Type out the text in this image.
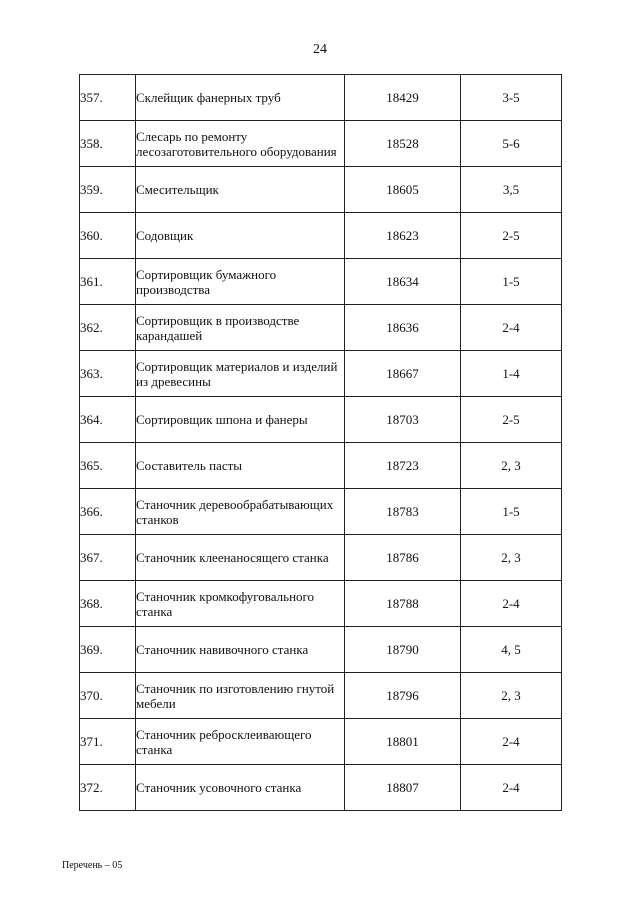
24
357.	Склейщик фанерных труб	18429	3-5
358.	Слесарь по ремонту лесозаготовительного оборудования	18528	5-6
359.	Смесительщик	18605	3,5
360.	Содовщик	18623	2-5
361.	Сортировщик бумажного производства	18634	1-5
362.	Сортировщик в производстве карандашей	18636	2-4
363.	Сортировщик материалов и изделий из древесины	18667	1-4
364.	Сортировщик шпона и фанеры	18703	2-5
365.	Составитель пасты	18723	2, 3
366.	Станочник деревообрабатывающих станков	18783	1-5
367.	Станочник клеенаносящего станка	18786	2, 3
368.	Станочник кромкофуговального станка	18788	2-4
369.	Станочник навивочного станка	18790	4, 5
370.	Станочник по изготовлению гнутой мебели	18796	2, 3
371.	Станочник ребросклеивающего станка	18801	2-4
372.	Станочник усовочного станка	18807	2-4
Перечень – 05
